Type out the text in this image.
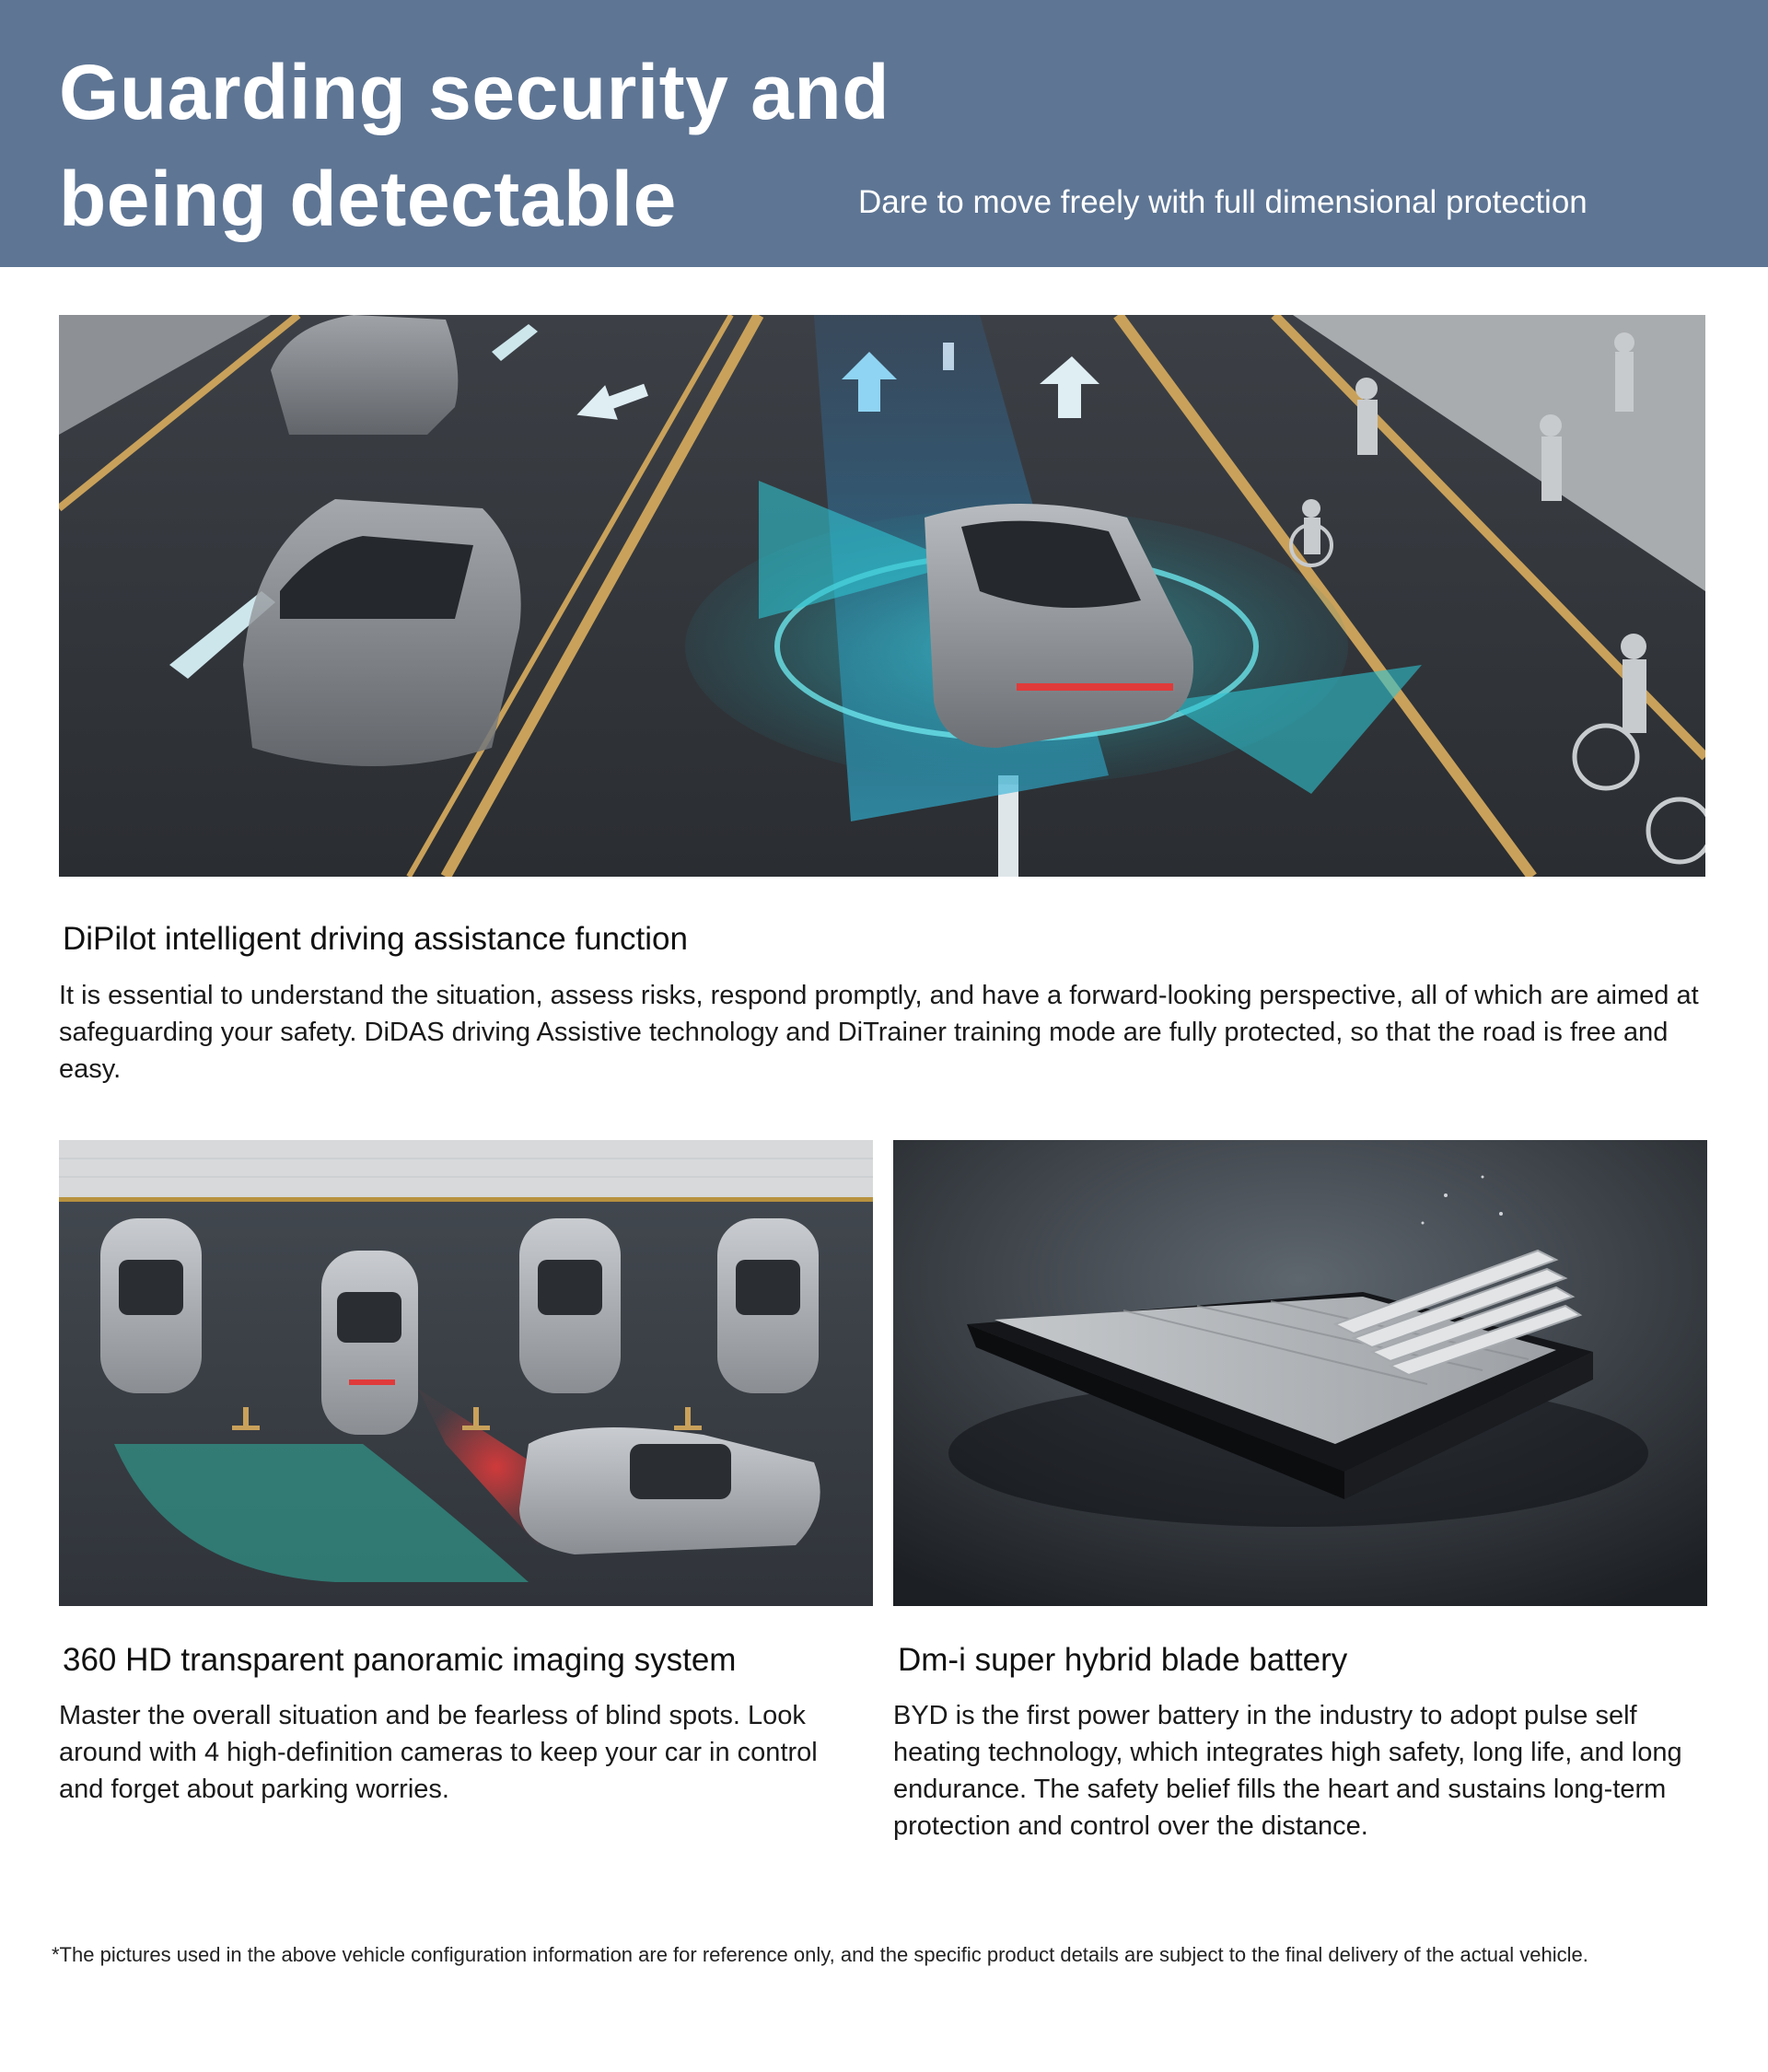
Guarding security and
being detectable	Dare to move freely with full dimensional protection
DiPilot intelligent driving assistance function

It is essential to understand the situation, assess risks, respond promptly, and have a forward-looking perspective, all of which are aimed at safeguarding your safety. DiDAS driving Assistive technology and DiTrainer training mode are fully protected, so that the road is free and easy.

360 HD transparent panoramic imaging system

Master the overall situation and be fearless of blind spots. Look around with 4 high-definition cameras to keep your car in control and forget about parking worries.

Dm-i super hybrid blade battery

BYD is the first power battery in the industry to adopt pulse self heating technology, which integrates high safety, long life, and long endurance. The safety belief fills the heart and sustains long-term protection and control over the distance.

*The pictures used in the above vehicle configuration information are for reference only, and the specific product details are subject to the final delivery of the actual vehicle.
